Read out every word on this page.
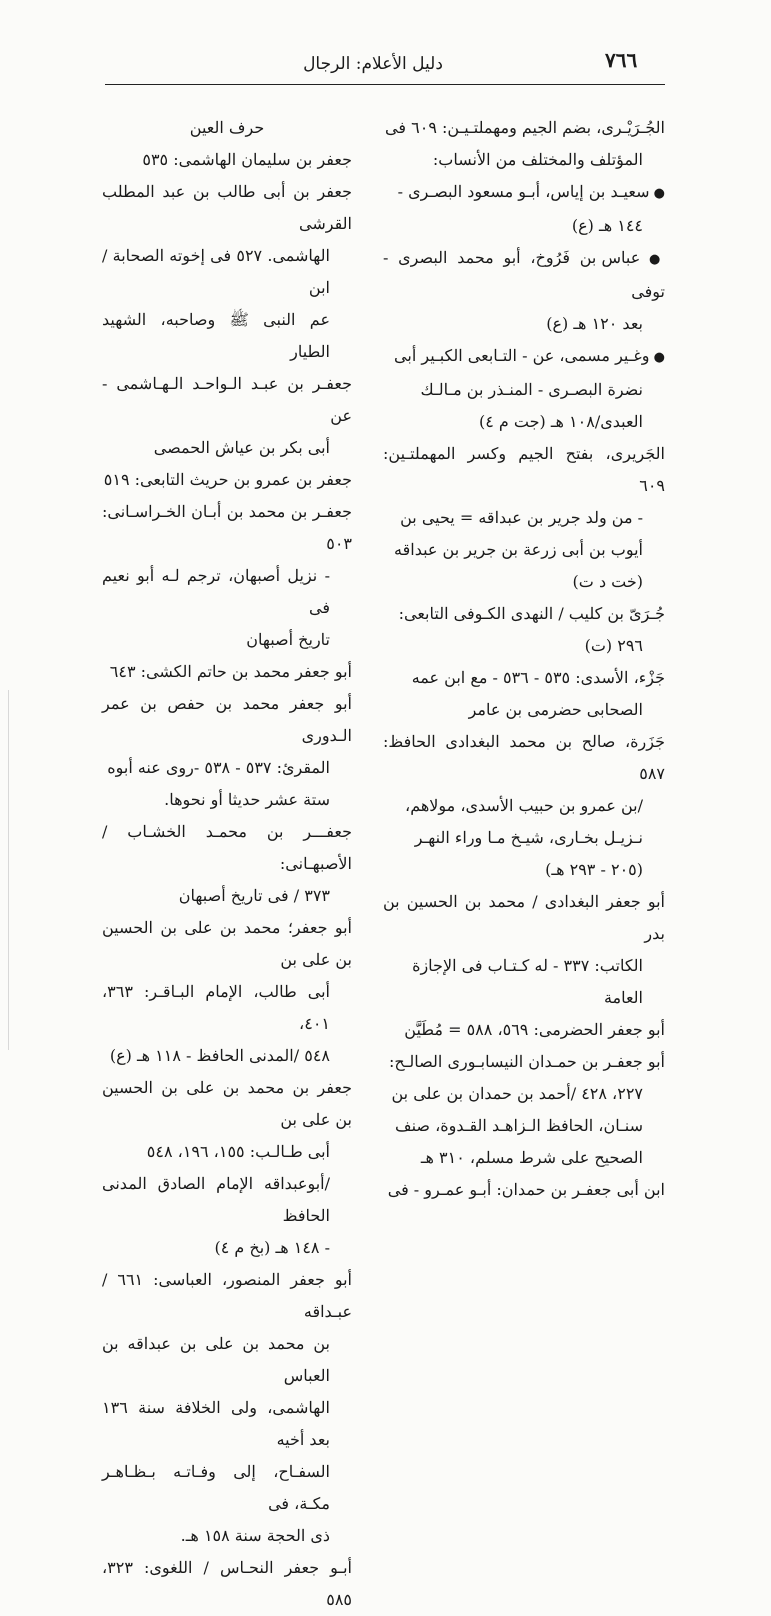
٧٦٦
دليل الأعلام: الرجال

الجُـرَيْـرى، بضم الجيم ومهملتـيـن: ٦٠٩ فى

المؤتلف والمختلف من الأنساب:

● سعيـد بن إياس، أبـو مسعود البصـرى -

١٤٤ هـ (ع)

● عباس بن فَرُوخ، أبو محمد البصرى - توفى

بعد ١٢٠ هـ (ع)

● وغـير مسمى، عن - التـابعى الكبـير أبى

نضرة البصـرى - المنـذر بن مـالـك

العبدى/١٠٨ هـ (جت م ٤)

الجَريرى، بفتح الجيم وكسر المهملتـين: ٦٠٩

- من ولد جرير بن عبداقه = يحيى بن

أيوب بن أبى زرعة بن جرير بن عبداقه

(خت د ت)

جُـرَىّ بن كليب / النهدى الكـوفى التابعى:

٢٩٦ (ت)

جَزْء، الأسدى: ٥٣٥ - ٥٣٦ - مع ابن عمه

الصحابى حضرمى بن عامر

جَزَرة، صالح بن محمد البغدادى الحافظ: ٥٨٧

/بن عمرو بن حبيب الأسدى، مولاهم،

نـزيـل بخـارى، شيـخ مـا وراء النهـر

(٢٠٥ - ٢٩٣ هـ)

أبو جعفر البغدادى / محمد بن الحسين بن بدر

الكاتب: ٣٣٧ - له كـتـاب فى الإجازة

العامة

أبو جعفر الحضرمى: ٥٦٩، ٥٨٨ = مُطَيَّن

أبو جعفـر بن حمـدان النيسابـورى الصالـح:

٢٢٧، ٤٢٨ /أحمد بن حمدان بن على بن

سنـان، الحافظ الـزاهـد القـدوة، صنف

الصحيح على شرط مسلم، ٣١٠ هـ

ابن أبى جعفـر بن حمدان: أبـو عمـرو - فى

حرف العين

جعفر بن سليمان الهاشمى: ٥٣٥

جعفر بن أبى طالب بن عبد المطلب القرشى

الهاشمى. ٥٢٧ فى إخوته الصحابة / ابن

عم النبى ﷺ وصاحبه، الشهيد الطيار

جعفـر بن عبـد الـواحـد الـهـاشمى - عن

أبى بكر بن عياش الحمصى

جعفر بن عمرو بن حريث التابعى: ٥١٩

جعفـر بن محمد بن أبـان الخـراسـانى: ٥٠٣

- نزيل أصبهان، ترجم لـه أبو نعيم فى

تاريخ أصبهان

أبو جعفر محمد بن حاتم الكشى: ٦٤٣

أبو جعفر محمد بن حفص بن عمر الـدورى

المقرئ: ٥٣٧ - ٥٣٨ -روى عنه أبوه

ستة عشر حديثا أو نحوها.

جعفـــر بن محمـد الخشـاب / الأصبهـانى:

٣٧٣ / فى تاريخ أصبهان

أبو جعفر؛ محمد بن على بن الحسين بن على بن

أبى طالب، الإمام البـاقـر: ٣٦٣، ٤٠١،

٥٤٨ /المدنى الحافظ - ١١٨ هـ (ع)

جعفر بن محمد بن على بن الحسين بن على بن

أبى طـالـب: ١٥٥، ١٩٦، ٥٤٨

/أبوعبداقه الإمام الصادق المدنى الحافظ

- ١٤٨ هـ (بخ م ٤)

أبو جعفر المنصور، العباسى: ٦٦١ /عبـداقه

بن محمد بن على بن عبداقه بن العباس

الهاشمى، ولى الخلافة سنة ١٣٦ بعد أخيه

السفـاح، إلى وفـاتـه بـظـاهـر مكـة، فى

ذى الحجة سنة ١٥٨ هـ.

أبـو جعفر النحـاس / اللغوى: ٣٢٣، ٥٨٥
